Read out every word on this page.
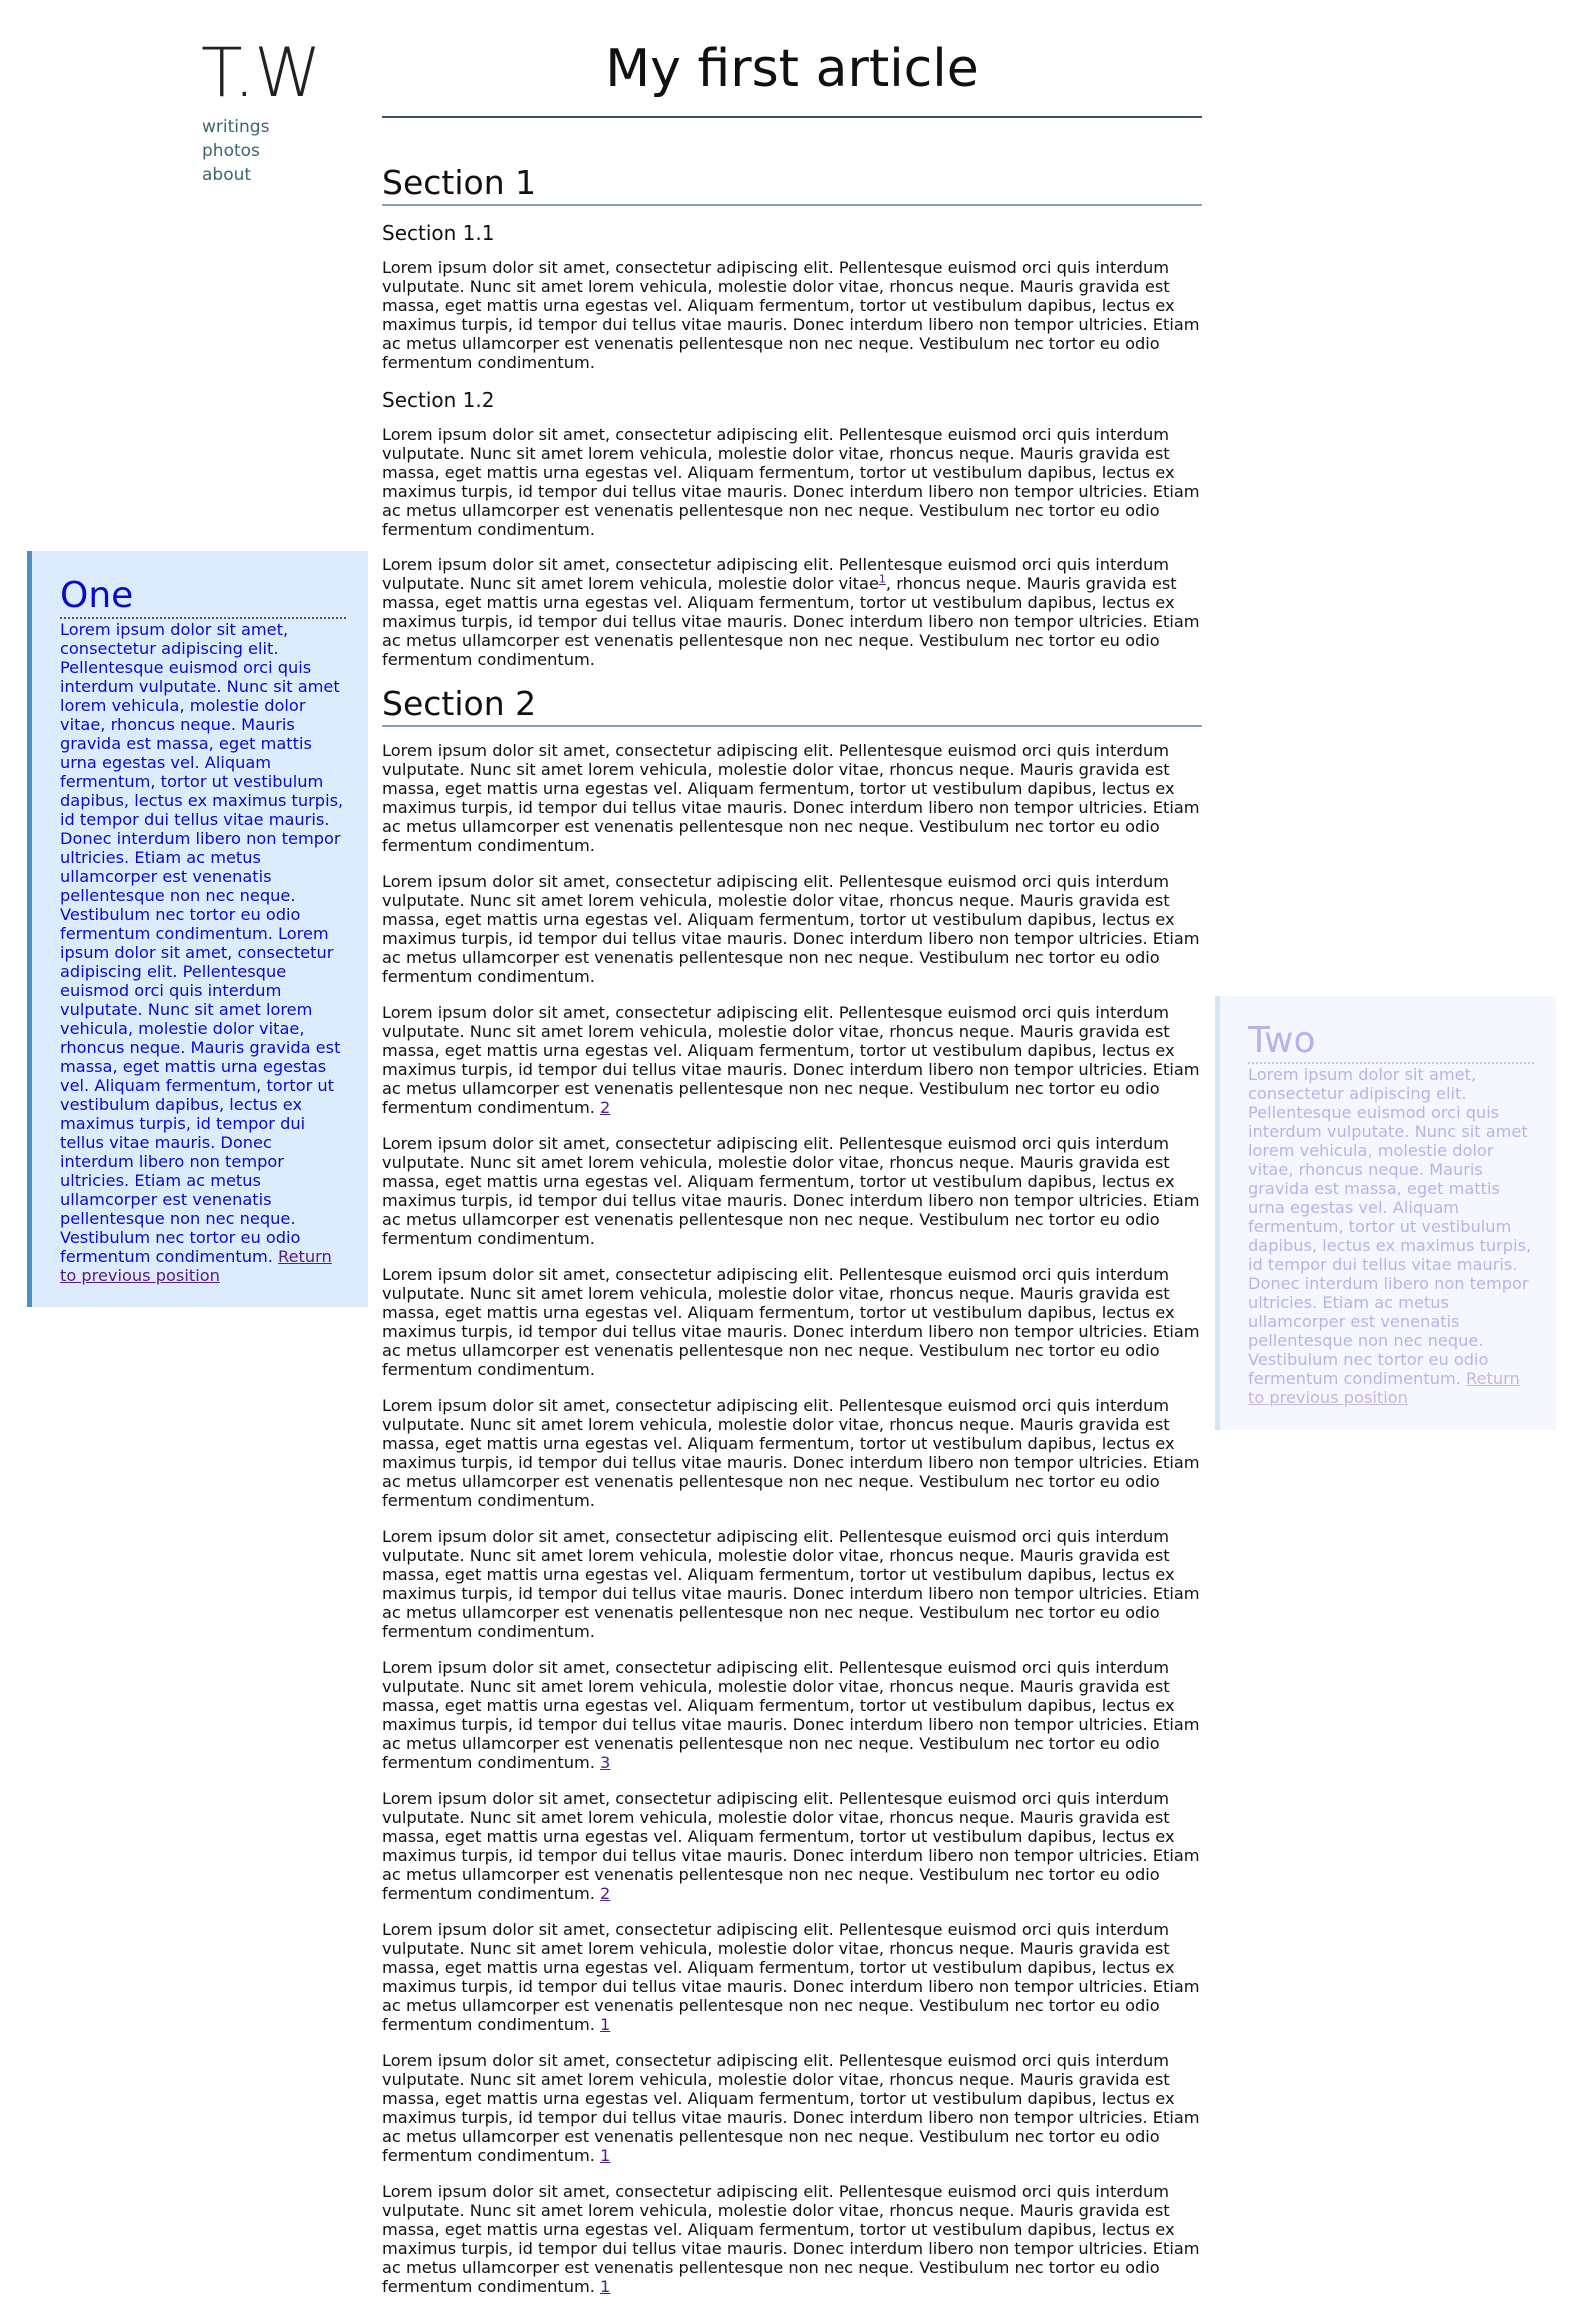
T.W
writings
photos
about
My first article
Section 1
Section 1.1

Lorem ipsum dolor sit amet, consectetur adipiscing elit. Pellentesque euismod orci quis interdum vulputate. Nunc sit amet lorem vehicula, molestie dolor vitae, rhoncus neque. Mauris gravida est massa, eget mattis urna egestas vel. Aliquam fermentum, tortor ut vestibulum dapibus, lectus ex maximus turpis, id tempor dui tellus vitae mauris. Donec interdum libero non tempor ultricies. Etiam ac metus ullamcorper est venenatis pellentesque non nec neque. Vestibulum nec tortor eu odio fermentum condimentum.

Section 1.2

Lorem ipsum dolor sit amet, consectetur adipiscing elit. Pellentesque euismod orci quis interdum vulputate. Nunc sit amet lorem vehicula, molestie dolor vitae, rhoncus neque. Mauris gravida est massa, eget mattis urna egestas vel. Aliquam fermentum, tortor ut vestibulum dapibus, lectus ex maximus turpis, id tempor dui tellus vitae mauris. Donec interdum libero non tempor ultricies. Etiam ac metus ullamcorper est venenatis pellentesque non nec neque. Vestibulum nec tortor eu odio fermentum condimentum.

Lorem ipsum dolor sit amet, consectetur adipiscing elit. Pellentesque euismod orci quis interdum vulputate. Nunc sit amet lorem vehicula, molestie dolor vitae$^1$, rhoncus neque. Mauris gravida est massa, eget mattis urna egestas vel. Aliquam fermentum, tortor ut vestibulum dapibus, lectus ex maximus turpis, id tempor dui tellus vitae mauris. Donec interdum libero non tempor ultricies. Etiam ac metus ullamcorper est venenatis pellentesque non nec neque. Vestibulum nec tortor eu odio fermentum condimentum.

Section 2

Lorem ipsum dolor sit amet, consectetur adipiscing elit. Pellentesque euismod orci quis interdum vulputate. Nunc sit amet lorem vehicula, molestie dolor vitae, rhoncus neque. Mauris gravida est massa, eget mattis urna egestas vel. Aliquam fermentum, tortor ut vestibulum dapibus, lectus ex maximus turpis, id tempor dui tellus vitae mauris. Donec interdum libero non tempor ultricies. Etiam ac metus ullamcorper est venenatis pellentesque non nec neque. Vestibulum nec tortor eu odio fermentum condimentum.

Lorem ipsum dolor sit amet, consectetur adipiscing elit. Pellentesque euismod orci quis interdum vulputate. Nunc sit amet lorem vehicula, molestie dolor vitae, rhoncus neque. Mauris gravida est massa, eget mattis urna egestas vel. Aliquam fermentum, tortor ut vestibulum dapibus, lectus ex maximus turpis, id tempor dui tellus vitae mauris. Donec interdum libero non tempor ultricies. Etiam ac metus ullamcorper est venenatis pellentesque non nec neque. Vestibulum nec tortor eu odio fermentum condimentum.

Lorem ipsum dolor sit amet, consectetur adipiscing elit. Pellentesque euismod orci quis interdum vulputate. Nunc sit amet lorem vehicula, molestie dolor vitae, rhoncus neque. Mauris gravida est massa, eget mattis urna egestas vel. Aliquam fermentum, tortor ut vestibulum dapibus, lectus ex maximus turpis, id tempor dui tellus vitae mauris. Donec interdum libero non tempor ultricies. Etiam ac metus ullamcorper est venenatis pellentesque non nec neque. Vestibulum nec tortor eu odio fermentum condimentum. 2

Lorem ipsum dolor sit amet, consectetur adipiscing elit. Pellentesque euismod orci quis interdum vulputate. Nunc sit amet lorem vehicula, molestie dolor vitae, rhoncus neque. Mauris gravida est massa, eget mattis urna egestas vel. Aliquam fermentum, tortor ut vestibulum dapibus, lectus ex maximus turpis, id tempor dui tellus vitae mauris. Donec interdum libero non tempor ultricies. Etiam ac metus ullamcorper est venenatis pellentesque non nec neque. Vestibulum nec tortor eu odio fermentum condimentum.

Lorem ipsum dolor sit amet, consectetur adipiscing elit. Pellentesque euismod orci quis interdum vulputate. Nunc sit amet lorem vehicula, molestie dolor vitae, rhoncus neque. Mauris gravida est massa, eget mattis urna egestas vel. Aliquam fermentum, tortor ut vestibulum dapibus, lectus ex maximus turpis, id tempor dui tellus vitae mauris. Donec interdum libero non tempor ultricies. Etiam ac metus ullamcorper est venenatis pellentesque non nec neque. Vestibulum nec tortor eu odio fermentum condimentum.

Lorem ipsum dolor sit amet, consectetur adipiscing elit. Pellentesque euismod orci quis interdum vulputate. Nunc sit amet lorem vehicula, molestie dolor vitae, rhoncus neque. Mauris gravida est massa, eget mattis urna egestas vel. Aliquam fermentum, tortor ut vestibulum dapibus, lectus ex maximus turpis, id tempor dui tellus vitae mauris. Donec interdum libero non tempor ultricies. Etiam ac metus ullamcorper est venenatis pellentesque non nec neque. Vestibulum nec tortor eu odio fermentum condimentum.

Lorem ipsum dolor sit amet, consectetur adipiscing elit. Pellentesque euismod orci quis interdum vulputate. Nunc sit amet lorem vehicula, molestie dolor vitae, rhoncus neque. Mauris gravida est massa, eget mattis urna egestas vel. Aliquam fermentum, tortor ut vestibulum dapibus, lectus ex maximus turpis, id tempor dui tellus vitae mauris. Donec interdum libero non tempor ultricies. Etiam ac metus ullamcorper est venenatis pellentesque non nec neque. Vestibulum nec tortor eu odio fermentum condimentum.

Lorem ipsum dolor sit amet, consectetur adipiscing elit. Pellentesque euismod orci quis interdum vulputate. Nunc sit amet lorem vehicula, molestie dolor vitae, rhoncus neque. Mauris gravida est massa, eget mattis urna egestas vel. Aliquam fermentum, tortor ut vestibulum dapibus, lectus ex maximus turpis, id tempor dui tellus vitae mauris. Donec interdum libero non tempor ultricies. Etiam ac metus ullamcorper est venenatis pellentesque non nec neque. Vestibulum nec tortor eu odio fermentum condimentum. 3

Lorem ipsum dolor sit amet, consectetur adipiscing elit. Pellentesque euismod orci quis interdum vulputate. Nunc sit amet lorem vehicula, molestie dolor vitae, rhoncus neque. Mauris gravida est massa, eget mattis urna egestas vel. Aliquam fermentum, tortor ut vestibulum dapibus, lectus ex maximus turpis, id tempor dui tellus vitae mauris. Donec interdum libero non tempor ultricies. Etiam ac metus ullamcorper est venenatis pellentesque non nec neque. Vestibulum nec tortor eu odio fermentum condimentum. 2

Lorem ipsum dolor sit amet, consectetur adipiscing elit. Pellentesque euismod orci quis interdum vulputate. Nunc sit amet lorem vehicula, molestie dolor vitae, rhoncus neque. Mauris gravida est massa, eget mattis urna egestas vel. Aliquam fermentum, tortor ut vestibulum dapibus, lectus ex maximus turpis, id tempor dui tellus vitae mauris. Donec interdum libero non tempor ultricies. Etiam ac metus ullamcorper est venenatis pellentesque non nec neque. Vestibulum nec tortor eu odio fermentum condimentum. 1

Lorem ipsum dolor sit amet, consectetur adipiscing elit. Pellentesque euismod orci quis interdum vulputate. Nunc sit amet lorem vehicula, molestie dolor vitae, rhoncus neque. Mauris gravida est massa, eget mattis urna egestas vel. Aliquam fermentum, tortor ut vestibulum dapibus, lectus ex maximus turpis, id tempor dui tellus vitae mauris. Donec interdum libero non tempor ultricies. Etiam ac metus ullamcorper est venenatis pellentesque non nec neque. Vestibulum nec tortor eu odio fermentum condimentum. 1

Lorem ipsum dolor sit amet, consectetur adipiscing elit. Pellentesque euismod orci quis interdum vulputate. Nunc sit amet lorem vehicula, molestie dolor vitae, rhoncus neque. Mauris gravida est massa, eget mattis urna egestas vel. Aliquam fermentum, tortor ut vestibulum dapibus, lectus ex maximus turpis, id tempor dui tellus vitae mauris. Donec interdum libero non tempor ultricies. Etiam ac metus ullamcorper est venenatis pellentesque non nec neque. Vestibulum nec tortor eu odio fermentum condimentum. 1

One

Lorem ipsum dolor sit amet, consectetur adipiscing elit. Pellentesque euismod orci quis interdum vulputate. Nunc sit amet lorem vehicula, molestie dolor vitae, rhoncus neque. Mauris gravida est massa, eget mattis urna egestas vel. Aliquam fermentum, tortor ut vestibulum dapibus, lectus ex maximus turpis, id tempor dui tellus vitae mauris. Donec interdum libero non tempor ultricies. Etiam ac metus ullamcorper est venenatis pellentesque non nec neque. Vestibulum nec tortor eu odio fermentum condimentum. Lorem ipsum dolor sit amet, consectetur adipiscing elit. Pellentesque euismod orci quis interdum vulputate. Nunc sit amet lorem vehicula, molestie dolor vitae, rhoncus neque. Mauris gravida est massa, eget mattis urna egestas vel. Aliquam fermentum, tortor ut vestibulum dapibus, lectus ex maximus turpis, id tempor dui tellus vitae mauris. Donec interdum libero non tempor ultricies. Etiam ac metus ullamcorper est venenatis pellentesque non nec neque. Vestibulum nec tortor eu odio fermentum condimentum. Return to previous position

Two

Lorem ipsum dolor sit amet, consectetur adipiscing elit. Pellentesque euismod orci quis interdum vulputate. Nunc sit amet lorem vehicula, molestie dolor vitae, rhoncus neque. Mauris gravida est massa, eget mattis urna egestas vel. Aliquam fermentum, tortor ut vestibulum dapibus, lectus ex maximus turpis, id tempor dui tellus vitae mauris. Donec interdum libero non tempor ultricies. Etiam ac metus ullamcorper est venenatis pellentesque non nec neque. Vestibulum nec tortor eu odio fermentum condimentum. Return to previous position
